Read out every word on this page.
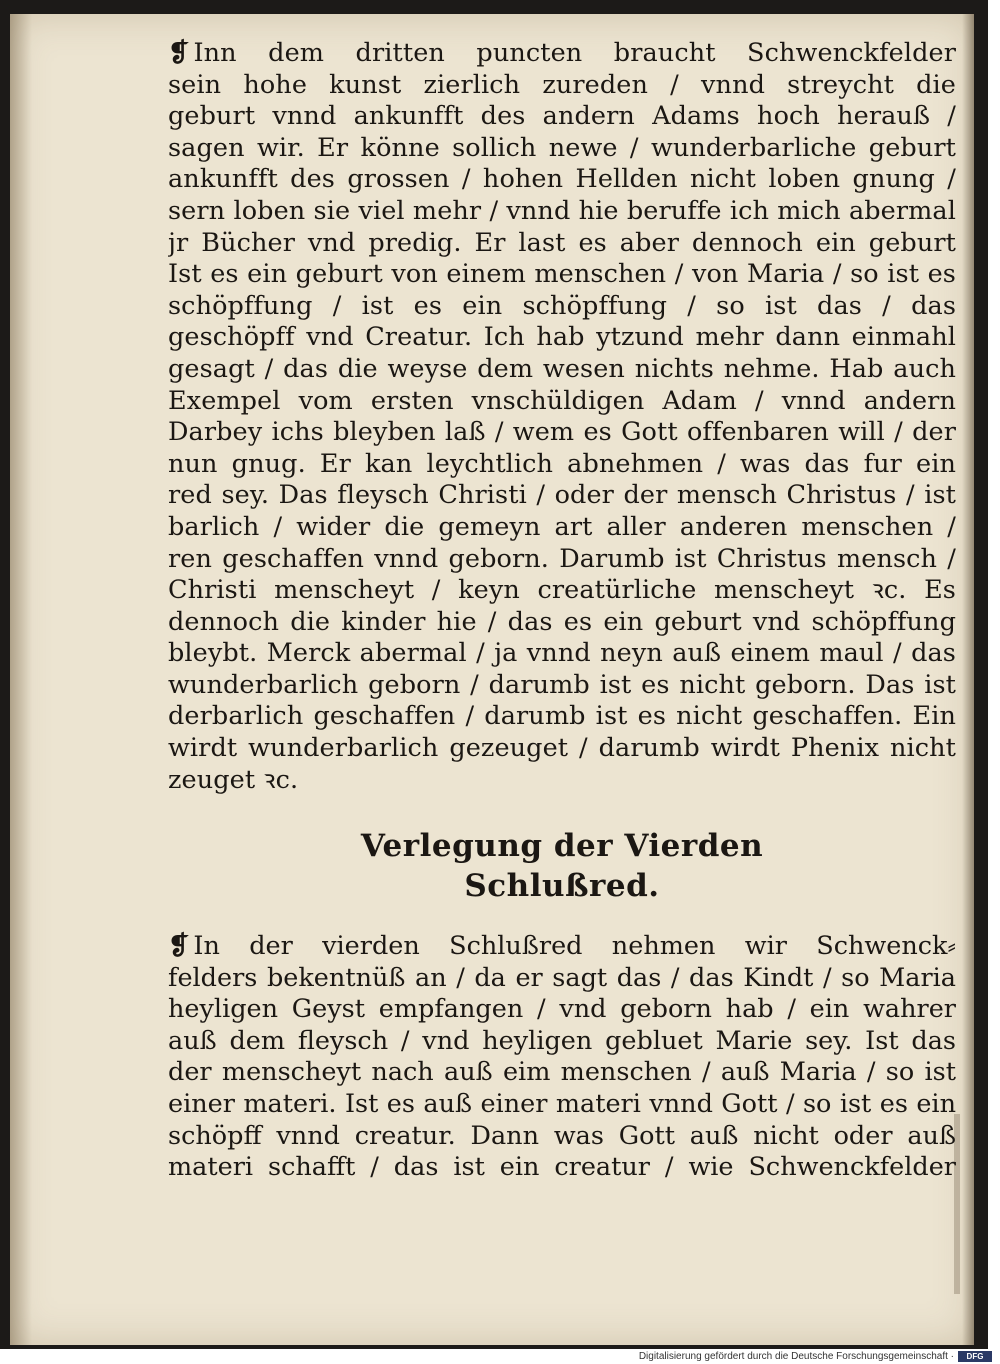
❡ Inn dem dritten puncten braucht Schwenckfelder
sein hohe kunst zierlich zureden / vnnd streycht die
geburt vnnd ankunfft des andern Adams hoch herauß /
sagen wir. Er könne sollich newe / wunderbarliche geburt
ankunfft des grossen / hohen Hellden nicht loben gnung /
sern loben sie viel mehr / vnnd hie beruffe ich mich abermal
jr Bücher vnd predig. Er last es aber dennoch ein geburt
Ist es ein geburt von einem menschen / von Maria / so ist es
schöpffung / ist es ein schöpffung / so ist das / das
geschöpff vnd Creatur. Ich hab ytzund mehr dann einmahl
gesagt / das die weyse dem wesen nichts nehme. Hab auch
Exempel vom ersten vnschüldigen Adam / vnnd andern
Darbey ichs bleyben laß / wem es Gott offenbaren will / der
nun gnug. Er kan leychtlich abnehmen / was das fur ein
red sey. Das fleysch Christi / oder der mensch Christus / ist
barlich / wider die gemeyn art aller anderen menschen /
ren geschaffen vnnd geborn. Darumb ist Christus mensch /
Christi menscheyt / keyn creatürliche menscheyt ꝛc. Es
dennoch die kinder hie / das es ein geburt vnd schöpffung
bleybt. Merck abermal / ja vnnd neyn auß einem maul / das
wunderbarlich geborn / darumb ist es nicht geborn. Das ist
derbarlich geschaffen / darumb ist es nicht geschaffen. Ein
wirdt wunderbarlich gezeuget / darumb wirdt Phenix nicht
zeuget ꝛc.
Verlegung der Vierden
Schlußred.
❡ In der vierden Schlußred nehmen wir Schwenck⸗
felders bekentnüß an / da er sagt das / das Kindt / so Maria
heyligen Geyst empfangen / vnd geborn hab / ein wahrer
auß dem fleysch / vnd heyligen gebluet Marie sey. Ist das
der menscheyt nach auß eim menschen / auß Maria / so ist
einer materi. Ist es auß einer materi vnnd Gott / so ist es ein
schöpff vnnd creatur. Dann was Gott auß nicht oder auß
materi schafft / das ist ein creatur / wie Schwenckfelder
Digitalisierung gefördert durch die Deutsche Forschungsgemeinschaft ·	DFG
